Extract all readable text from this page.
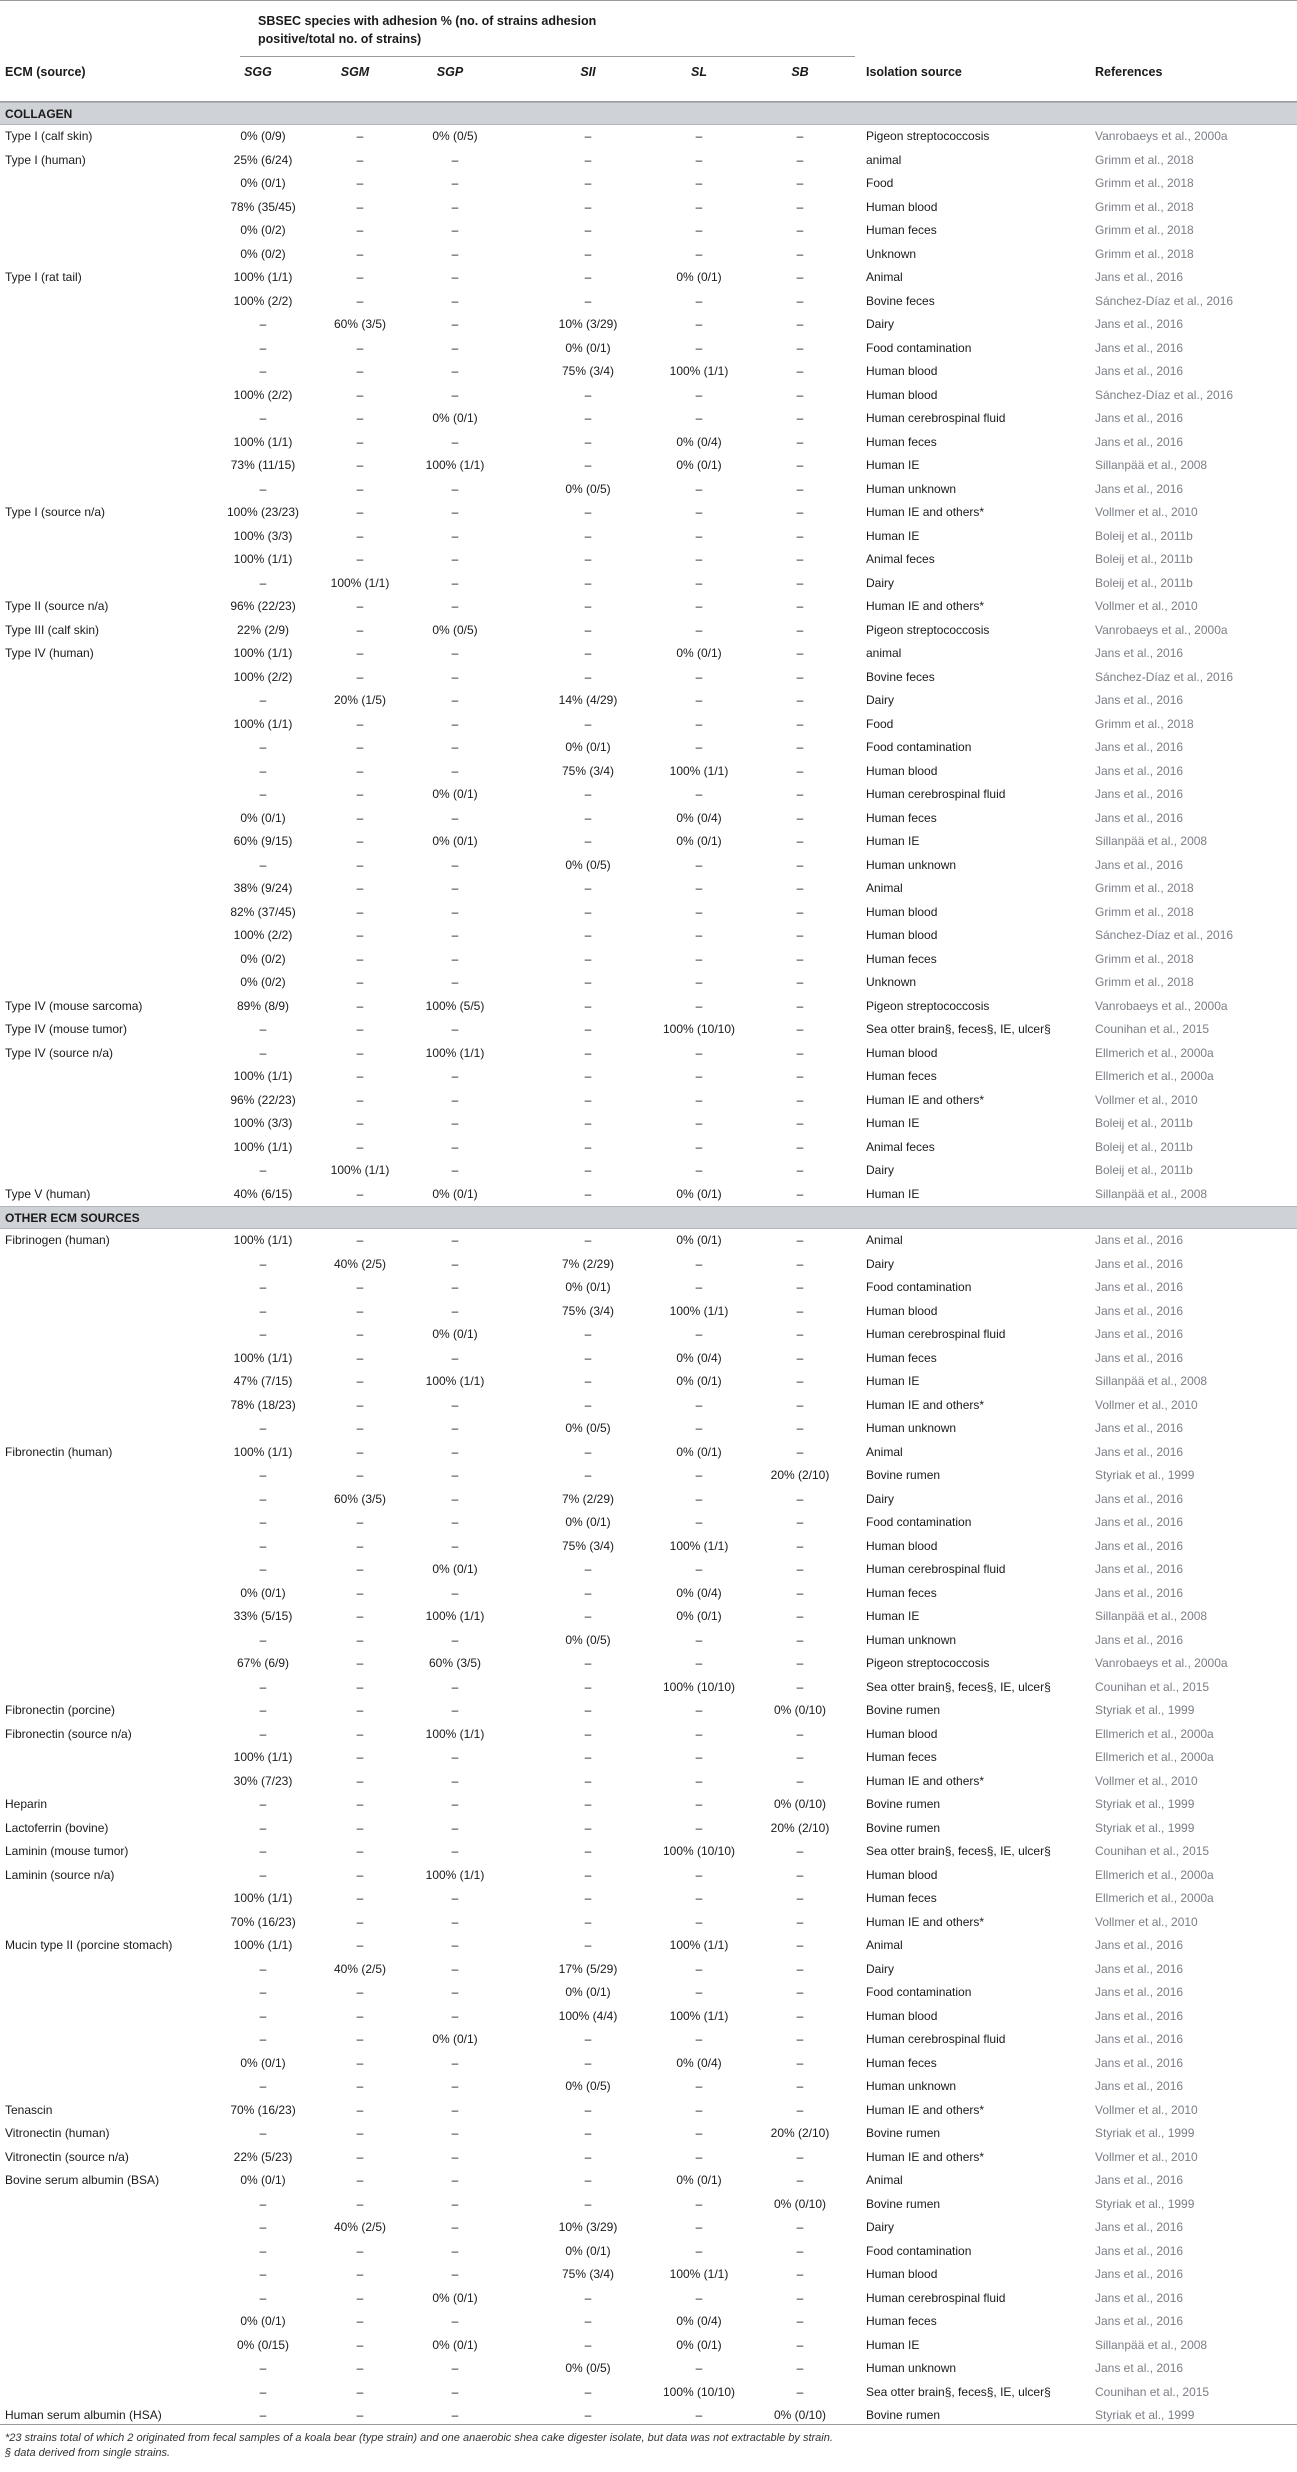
SBSEC species with adhesion % (no. of strains adhesion positive/total no. of strains)
ECM (source)	SGG	SGM	SGP	SII	SL	SB	Isolation source	References
COLLAGEN
Type I (calf skin)	0% (0/9)	–	0% (0/5)	–	–	–	Pigeon streptococcosis	Vanrobaeys et al., 2000a
Type I (human)	25% (6/24)	–	–	–	–	–	animal	Grimm et al., 2018
0% (0/1)	–	–	–	–	–	Food	Grimm et al., 2018
78% (35/45)	–	–	–	–	–	Human blood	Grimm et al., 2018
0% (0/2)	–	–	–	–	–	Human feces	Grimm et al., 2018
0% (0/2)	–	–	–	–	–	Unknown	Grimm et al., 2018
Type I (rat tail)	100% (1/1)	–	–	–	0% (0/1)	–	Animal	Jans et al., 2016
100% (2/2)	–	–	–	–	–	Bovine feces	Sánchez-Díaz et al., 2016
–	60% (3/5)	–	10% (3/29)	–	–	Dairy	Jans et al., 2016
–	–	–	0% (0/1)	–	–	Food contamination	Jans et al., 2016
–	–	–	75% (3/4)	100% (1/1)	–	Human blood	Jans et al., 2016
100% (2/2)	–	–	–	–	–	Human blood	Sánchez-Díaz et al., 2016
–	–	0% (0/1)	–	–	–	Human cerebrospinal fluid	Jans et al., 2016
100% (1/1)	–	–	–	0% (0/4)	–	Human feces	Jans et al., 2016
73% (11/15)	–	100% (1/1)	–	0% (0/1)	–	Human IE	Sillanpää et al., 2008
–	–	–	0% (0/5)	–	–	Human unknown	Jans et al., 2016
Type I (source n/a)	100% (23/23)	–	–	–	–	–	Human IE and others*	Vollmer et al., 2010
100% (3/3)	–	–	–	–	–	Human IE	Boleij et al., 2011b
100% (1/1)	–	–	–	–	–	Animal feces	Boleij et al., 2011b
–	100% (1/1)	–	–	–	–	Dairy	Boleij et al., 2011b
Type II (source n/a)	96% (22/23)	–	–	–	–	–	Human IE and others*	Vollmer et al., 2010
Type III (calf skin)	22% (2/9)	–	0% (0/5)	–	–	–	Pigeon streptococcosis	Vanrobaeys et al., 2000a
Type IV (human)	100% (1/1)	–	–	–	0% (0/1)	–	animal	Jans et al., 2016
100% (2/2)	–	–	–	–	–	Bovine feces	Sánchez-Díaz et al., 2016
–	20% (1/5)	–	14% (4/29)	–	–	Dairy	Jans et al., 2016
100% (1/1)	–	–	–	–	–	Food	Grimm et al., 2018
–	–	–	0% (0/1)	–	–	Food contamination	Jans et al., 2016
–	–	–	75% (3/4)	100% (1/1)	–	Human blood	Jans et al., 2016
–	–	0% (0/1)	–	–	–	Human cerebrospinal fluid	Jans et al., 2016
0% (0/1)	–	–	–	0% (0/4)	–	Human feces	Jans et al., 2016
60% (9/15)	–	0% (0/1)	–	0% (0/1)	–	Human IE	Sillanpää et al., 2008
–	–	–	0% (0/5)	–	–	Human unknown	Jans et al., 2016
38% (9/24)	–	–	–	–	–	Animal	Grimm et al., 2018
82% (37/45)	–	–	–	–	–	Human blood	Grimm et al., 2018
100% (2/2)	–	–	–	–	–	Human blood	Sánchez-Díaz et al., 2016
0% (0/2)	–	–	–	–	–	Human feces	Grimm et al., 2018
0% (0/2)	–	–	–	–	–	Unknown	Grimm et al., 2018
Type IV (mouse sarcoma)	89% (8/9)	–	100% (5/5)	–	–	–	Pigeon streptococcosis	Vanrobaeys et al., 2000a
Type IV (mouse tumor)	–	–	–	–	100% (10/10)	–	Sea otter brain§, feces§, IE, ulcer§	Counihan et al., 2015
Type IV (source n/a)	–	–	100% (1/1)	–	–	–	Human blood	Ellmerich et al., 2000a
100% (1/1)	–	–	–	–	–	Human feces	Ellmerich et al., 2000a
96% (22/23)	–	–	–	–	–	Human IE and others*	Vollmer et al., 2010
100% (3/3)	–	–	–	–	–	Human IE	Boleij et al., 2011b
100% (1/1)	–	–	–	–	–	Animal feces	Boleij et al., 2011b
–	100% (1/1)	–	–	–	–	Dairy	Boleij et al., 2011b
Type V (human)	40% (6/15)	–	0% (0/1)	–	0% (0/1)	–	Human IE	Sillanpää et al., 2008
OTHER ECM SOURCES
Fibrinogen (human)	100% (1/1)	–	–	–	0% (0/1)	–	Animal	Jans et al., 2016
–	40% (2/5)	–	7% (2/29)	–	–	Dairy	Jans et al., 2016
–	–	–	0% (0/1)	–	–	Food contamination	Jans et al., 2016
–	–	–	75% (3/4)	100% (1/1)	–	Human blood	Jans et al., 2016
–	–	0% (0/1)	–	–	–	Human cerebrospinal fluid	Jans et al., 2016
100% (1/1)	–	–	–	0% (0/4)	–	Human feces	Jans et al., 2016
47% (7/15)	–	100% (1/1)	–	0% (0/1)	–	Human IE	Sillanpää et al., 2008
78% (18/23)	–	–	–	–	–	Human IE and others*	Vollmer et al., 2010
–	–	–	0% (0/5)	–	–	Human unknown	Jans et al., 2016
Fibronectin (human)	100% (1/1)	–	–	–	0% (0/1)	–	Animal	Jans et al., 2016
–	–	–	–	–	20% (2/10)	Bovine rumen	Styriak et al., 1999
–	60% (3/5)	–	7% (2/29)	–	–	Dairy	Jans et al., 2016
–	–	–	0% (0/1)	–	–	Food contamination	Jans et al., 2016
–	–	–	75% (3/4)	100% (1/1)	–	Human blood	Jans et al., 2016
–	–	0% (0/1)	–	–	–	Human cerebrospinal fluid	Jans et al., 2016
0% (0/1)	–	–	–	0% (0/4)	–	Human feces	Jans et al., 2016
33% (5/15)	–	100% (1/1)	–	0% (0/1)	–	Human IE	Sillanpää et al., 2008
–	–	–	0% (0/5)	–	–	Human unknown	Jans et al., 2016
67% (6/9)	–	60% (3/5)	–	–	–	Pigeon streptococcosis	Vanrobaeys et al., 2000a
–	–	–	–	100% (10/10)	–	Sea otter brain§, feces§, IE, ulcer§	Counihan et al., 2015
Fibronectin (porcine)	–	–	–	–	–	0% (0/10)	Bovine rumen	Styriak et al., 1999
Fibronectin (source n/a)	–	–	100% (1/1)	–	–	–	Human blood	Ellmerich et al., 2000a
100% (1/1)	–	–	–	–	–	Human feces	Ellmerich et al., 2000a
30% (7/23)	–	–	–	–	–	Human IE and others*	Vollmer et al., 2010
Heparin	–	–	–	–	–	0% (0/10)	Bovine rumen	Styriak et al., 1999
Lactoferrin (bovine)	–	–	–	–	–	20% (2/10)	Bovine rumen	Styriak et al., 1999
Laminin (mouse tumor)	–	–	–	–	100% (10/10)	–	Sea otter brain§, feces§, IE, ulcer§	Counihan et al., 2015
Laminin (source n/a)	–	–	100% (1/1)	–	–	–	Human blood	Ellmerich et al., 2000a
100% (1/1)	–	–	–	–	–	Human feces	Ellmerich et al., 2000a
70% (16/23)	–	–	–	–	–	Human IE and others*	Vollmer et al., 2010
Mucin type II (porcine stomach)	100% (1/1)	–	–	–	100% (1/1)	–	Animal	Jans et al., 2016
–	40% (2/5)	–	17% (5/29)	–	–	Dairy	Jans et al., 2016
–	–	–	0% (0/1)	–	–	Food contamination	Jans et al., 2016
–	–	–	100% (4/4)	100% (1/1)	–	Human blood	Jans et al., 2016
–	–	0% (0/1)	–	–	–	Human cerebrospinal fluid	Jans et al., 2016
0% (0/1)	–	–	–	0% (0/4)	–	Human feces	Jans et al., 2016
–	–	–	0% (0/5)	–	–	Human unknown	Jans et al., 2016
Tenascin	70% (16/23)	–	–	–	–	–	Human IE and others*	Vollmer et al., 2010
Vitronectin (human)	–	–	–	–	–	20% (2/10)	Bovine rumen	Styriak et al., 1999
Vitronectin (source n/a)	22% (5/23)	–	–	–	–	–	Human IE and others*	Vollmer et al., 2010
Bovine serum albumin (BSA)	0% (0/1)	–	–	–	0% (0/1)	–	Animal	Jans et al., 2016
–	–	–	–	–	0% (0/10)	Bovine rumen	Styriak et al., 1999
–	40% (2/5)	–	10% (3/29)	–	–	Dairy	Jans et al., 2016
–	–	–	0% (0/1)	–	–	Food contamination	Jans et al., 2016
–	–	–	75% (3/4)	100% (1/1)	–	Human blood	Jans et al., 2016
–	–	0% (0/1)	–	–	–	Human cerebrospinal fluid	Jans et al., 2016
0% (0/1)	–	–	–	0% (0/4)	–	Human feces	Jans et al., 2016
0% (0/15)	–	0% (0/1)	–	0% (0/1)	–	Human IE	Sillanpää et al., 2008
–	–	–	0% (0/5)	–	–	Human unknown	Jans et al., 2016
–	–	–	–	100% (10/10)	–	Sea otter brain§, feces§, IE, ulcer§	Counihan et al., 2015
Human serum albumin (HSA)	–	–	–	–	–	0% (0/10)	Bovine rumen	Styriak et al., 1999
*23 strains total of which 2 originated from fecal samples of a koala bear (type strain) and one anaerobic shea cake digester isolate, but data was not extractable by strain.
§ data derived from single strains.
